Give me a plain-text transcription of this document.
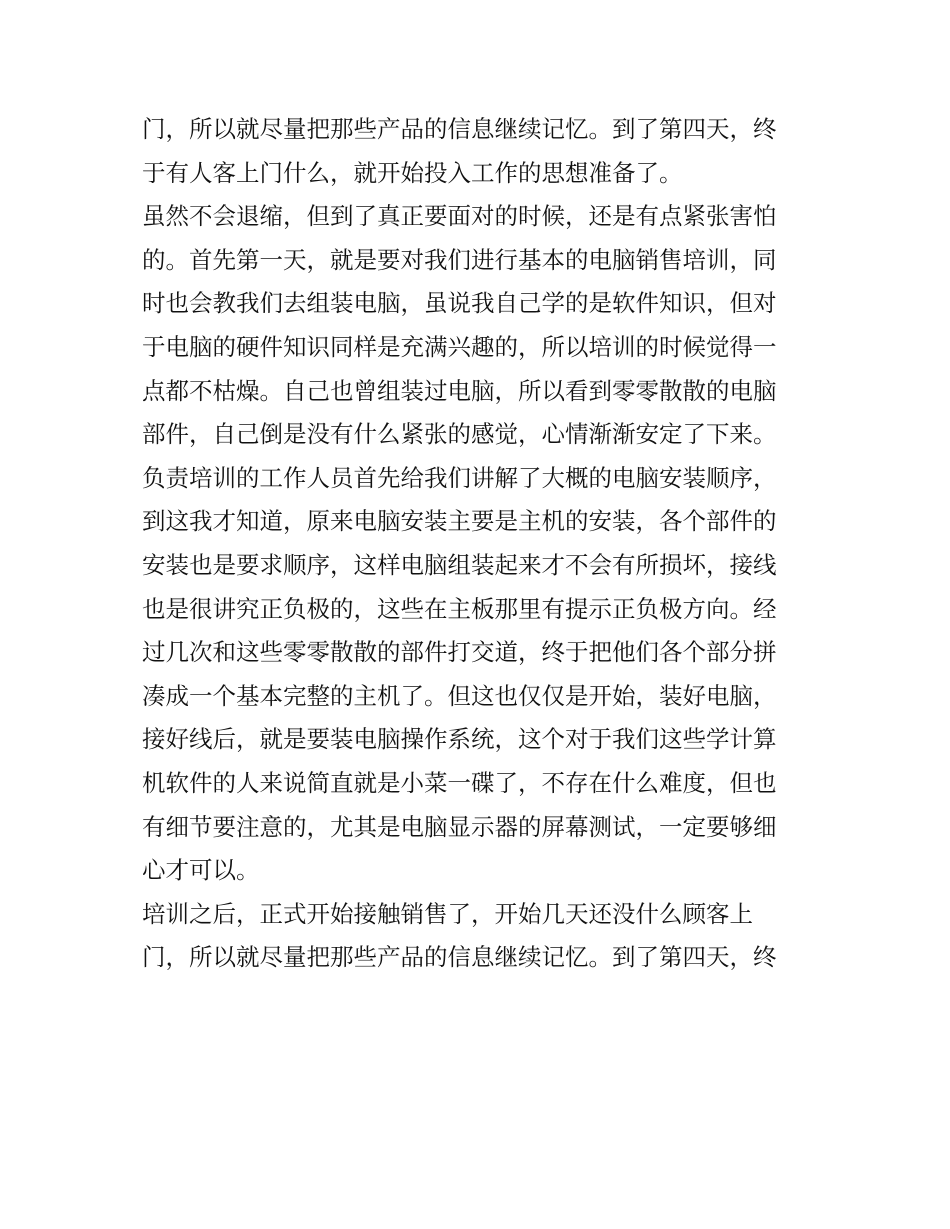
门，所以就尽量把那些产品的信息继续记忆。到了第四天，终
于有人客上门什么，就开始投入工作的思想准备了。
虽然不会退缩，但到了真正要面对的时候，还是有点紧张害怕
的。首先第一天，就是要对我们进行基本的电脑销售培训，同
时也会教我们去组装电脑，虽说我自己学的是软件知识，但对
于电脑的硬件知识同样是充满兴趣的，所以培训的时候觉得一
点都不枯燥。自己也曾组装过电脑，所以看到零零散散的电脑
部件，自己倒是没有什么紧张的感觉，心情渐渐安定了下来。
负责培训的工作人员首先给我们讲解了大概的电脑安装顺序，
到这我才知道，原来电脑安装主要是主机的安装，各个部件的
安装也是要求顺序，这样电脑组装起来才不会有所损坏，接线
也是很讲究正负极的，这些在主板那里有提示正负极方向。经
过几次和这些零零散散的部件打交道，终于把他们各个部分拼
凑成一个基本完整的主机了。但这也仅仅是开始，装好电脑，
接好线后，就是要装电脑操作系统，这个对于我们这些学计算
机软件的人来说简直就是小菜一碟了，不存在什么难度，但也
有细节要注意的，尤其是电脑显示器的屏幕测试，一定要够细
心才可以。
培训之后，正式开始接触销售了，开始几天还没什么顾客上
门，所以就尽量把那些产品的信息继续记忆。到了第四天，终
